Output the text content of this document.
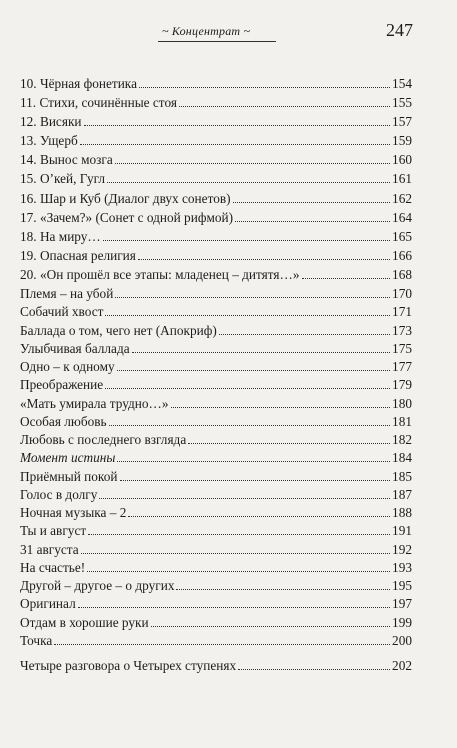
~ Концентрат ~	247
10. Чёрная фонетика	154
11. Стихи, сочинённые стоя	155
12. Висяки	157
13. Ущерб	159
14. Вынос мозга	160
15. О’кей, Гугл	161
16. Шар и Куб (Диалог двух сонетов)	162
17. «Зачем?» (Сонет с одной рифмой)	164
18. На миру…	165
19. Опасная религия	166
20. «Он прошёл все этапы: младенец – дитятя…»	168
Племя – на убой	170
Собачий хвост	171
Баллада о том, чего нет (Апокриф)	173
Улыбчивая баллада	175
Одно – к одному	177
Преображение	179
«Мать умирала трудно…»	180
Особая любовь	181
Любовь с последнего взгляда	182
Момент истины	184
Приёмный покой	185
Голос в долгу	187
Ночная музыка – 2	188
Ты и август	191
31 августа	192
На счастье!	193
Другой – другое – о других	195
Оригинал	197
Отдам в хорошие руки	199
Точка	200
Четыре разговора о Четырех ступенях	202
